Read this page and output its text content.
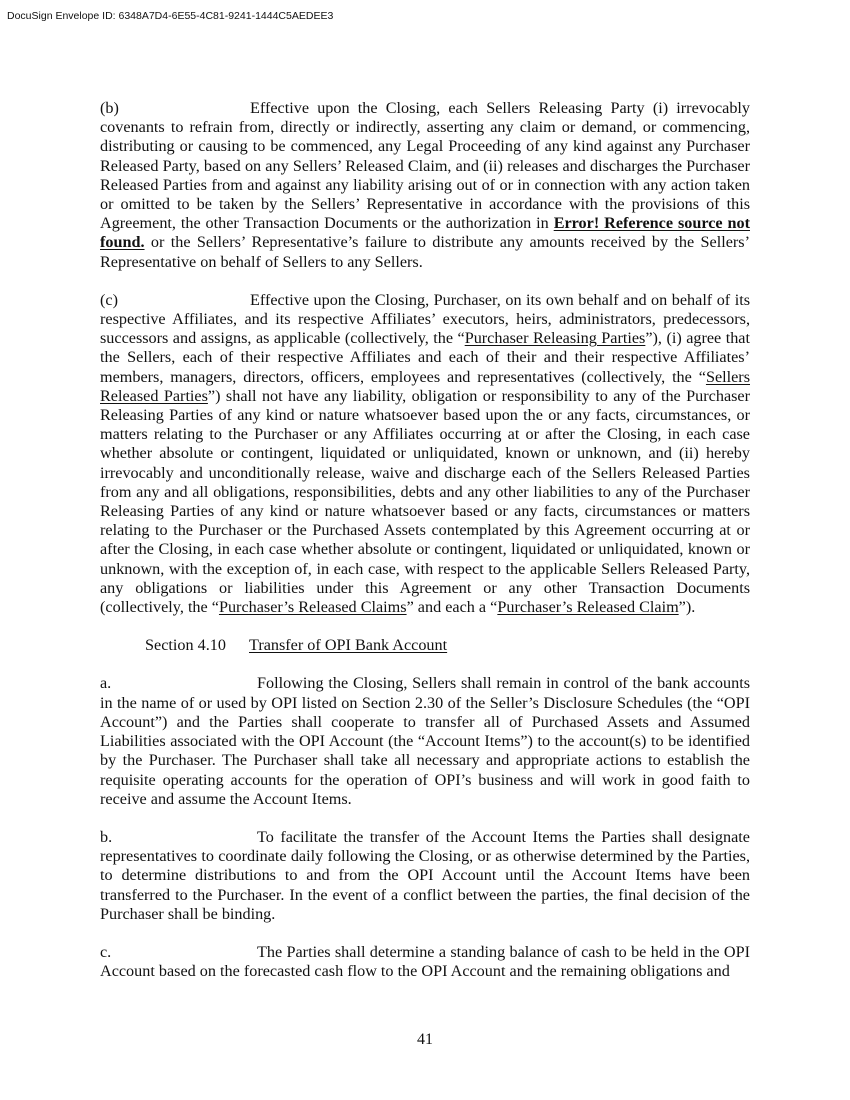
DocuSign Envelope ID: 6348A7D4-6E55-4C81-9241-1444C5AEDEE3

(b)	Effective upon the Closing, each Sellers Releasing Party (i) irrevocably covenants to refrain from, directly or indirectly, asserting any claim or demand, or commencing, distributing or causing to be commenced, any Legal Proceeding of any kind against any Purchaser Released Party, based on any Sellers’ Released Claim, and (ii) releases and discharges the Purchaser Released Parties from and against any liability arising out of or in connection with any action taken or omitted to be taken by the Sellers’ Representative in accordance with the provisions of this Agreement, the other Transaction Documents or the authorization in Error! Reference source not found. or the Sellers’ Representative’s failure to distribute any amounts received by the Sellers’ Representative on behalf of Sellers to any Sellers.

(c)	Effective upon the Closing, Purchaser, on its own behalf and on behalf of its respective Affiliates, and its respective Affiliates’ executors, heirs, administrators, predecessors, successors and assigns, as applicable (collectively, the “Purchaser Releasing Parties”), (i) agree that the Sellers, each of their respective Affiliates and each of their and their respective Affiliates’ members, managers, directors, officers, employees and representatives (collectively, the “Sellers Released Parties”) shall not have any liability, obligation or responsibility to any of the Purchaser Releasing Parties of any kind or nature whatsoever based upon the or any facts, circumstances, or matters relating to the Purchaser or any Affiliates occurring at or after the Closing, in each case whether absolute or contingent, liquidated or unliquidated, known or unknown, and (ii) hereby irrevocably and unconditionally release, waive and discharge each of the Sellers Released Parties from any and all obligations, responsibilities, debts and any other liabilities to any of the Purchaser Releasing Parties of any kind or nature whatsoever based or any facts, circumstances or matters relating to the Purchaser or the Purchased Assets contemplated by this Agreement occurring at or after the Closing, in each case whether absolute or contingent, liquidated or unliquidated, known or unknown, with the exception of, in each case, with respect to the applicable Sellers Released Party, any obligations or liabilities under this Agreement or any other Transaction Documents (collectively, the “Purchaser’s Released Claims” and each a “Purchaser’s Released Claim”).

Section 4.10 Transfer of OPI Bank Account

a.	Following the Closing, Sellers shall remain in control of the bank accounts in the name of or used by OPI listed on Section 2.30 of the Seller’s Disclosure Schedules (the “OPI Account”) and the Parties shall cooperate to transfer all of Purchased Assets and Assumed Liabilities associated with the OPI Account (the “Account Items”) to the account(s) to be identified by the Purchaser. The Purchaser shall take all necessary and appropriate actions to establish the requisite operating accounts for the operation of OPI’s business and will work in good faith to receive and assume the Account Items.

b.	To facilitate the transfer of the Account Items the Parties shall designate representatives to coordinate daily following the Closing, or as otherwise determined by the Parties, to determine distributions to and from the OPI Account until the Account Items have been transferred to the Purchaser. In the event of a conflict between the parties, the final decision of the Purchaser shall be binding.

c.	The Parties shall determine a standing balance of cash to be held in the OPI Account based on the forecasted cash flow to the OPI Account and the remaining obligations and

41
